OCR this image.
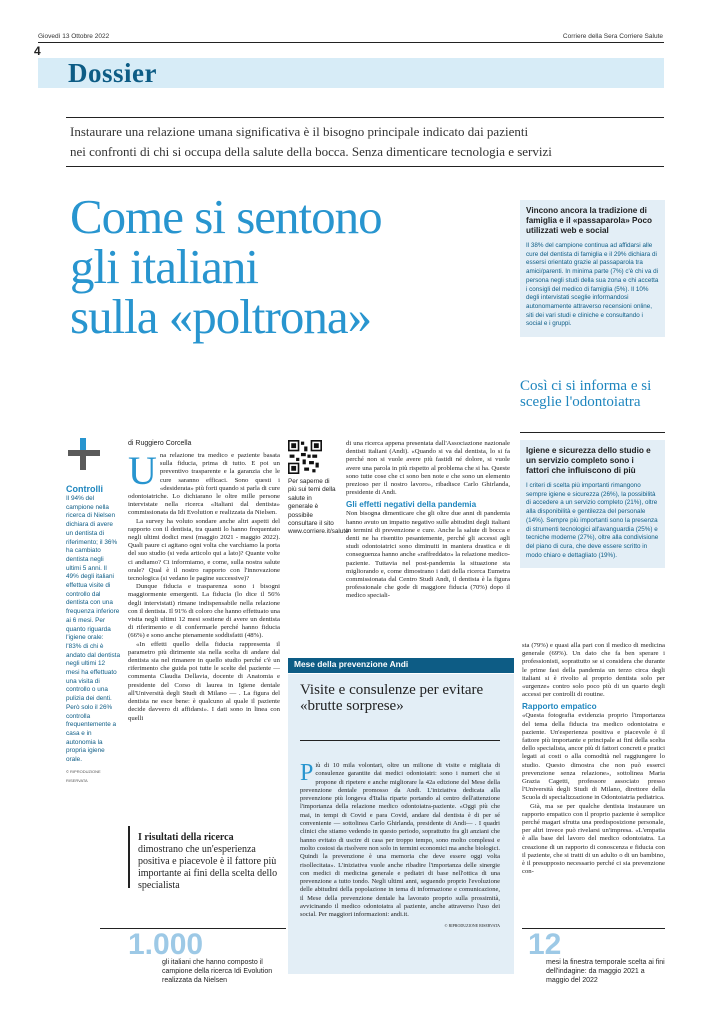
Giovedì 13 Ottobre 2022	Corriere della Sera Corriere Salute
4
Dossier
Instaurare una relazione umana significativa è il bisogno principale indicato dai pazienti
nei confronti di chi si occupa della salute della bocca. Senza dimenticare tecnologia e servizi
Come si sentono
gli italiani
sulla «poltrona»
Vincono ancora la tradizione di famiglia e il «passaparola» Poco utilizzati web e social
Il 38% del campione continua ad affidarsi alle cure del dentista di famiglia e il 29% dichiara di essersi orientato grazie al passaparola tra amici/parenti. In minima parte (7%) c'è chi va di persona negli studi della sua zona e chi accetta i consigli del medico di famiglia (5%). Il 10% degli intervistati sceglie informandosi autonomamente attraverso recensioni online, siti dei vari studi e cliniche e consultando i social e i gruppi.
Così ci si informa e si sceglie l'odontoiatra
Igiene e sicurezza dello studio e un servizio completo sono i fattori che influiscono di più
I criteri di scelta più importanti rimangono sempre igiene e sicurezza (26%), la possibilità di accedere a un servizio completo (21%), oltre alla disponibilità e gentilezza del personale (14%). Sempre più importanti sono la presenza di strumenti tecnologici all'avanguardia (25%) e tecniche moderne (27%), oltre alla condivisione del piano di cura, che deve essere scritto in modo chiaro e dettagliato (19%).
Controlli
Il 94% del campione nella ricerca di Nielsen dichiara di avere un dentista di riferimento; il 36% ha cambiato dentista negli ultimi 5 anni. Il 49% degli italiani effettua visite di controllo dal dentista con una frequenza inferiore ai 6 mesi. Per quanto riguarda l'igiene orale: l'83% di chi è andato dal dentista negli ultimi 12 mesi ha effettuato una visita di controllo o una pulizia dei denti. Però solo il 26% controlla frequentemente a casa e in autonomia la propria igiene orale.
© RIPRODUZIONE RISERVATA
di Ruggiero Corcella
U na relazione tra medico e paziente basata sulla fiducia, prima di tutto. E poi un preventivo trasparente e la garanzia che le cure saranno efficaci. Sono questi i «desiderata» più forti quando si parla di cure odontoiatriche. Lo dichiarano le oltre mille persone intervistate nella ricerca «Italiani dal dentista» commissionata da Idi Evolution e realizzata da Nielsen.
La survey ha voluto sondare anche altri aspetti del rapporto con il dentista, tra quanti lo hanno frequentato negli ultimi dodici mesi (maggio 2021 - maggio 2022). Quali paure ci agitano ogni volta che varchiamo la porta del suo studio (si veda articolo qui a lato)? Quante volte ci andiamo? Ci informiamo, e come, sulla nostra salute orale? Qual è il nostro rapporto con l'innovazione tecnologica (si vedano le pagine successive)?
Dunque fiducia e trasparenza sono i bisogni maggiormente emergenti. La fiducia (lo dice il 56% degli intervistati) rimane indispensabile nella relazione con il dentista. Il 91% di coloro che hanno effettuato una visita negli ultimi 12 mesi sostiene di avere un dentista di riferimento e di confermarle perché hanno fiducia (66%) e sono anche pienamente soddisfatti (48%).
«In effetti quello della fiducia rappresenta il parametro più dirimente sia nella scelta di andare dal dentista sia nel rimanere in quello studio perché c'è un riferimento che guida poi tutte le scelte del paziente — commenta Claudia Dellavia, docente di Anatomia e presidente del Corso di laurea in Igiene dentale all'Università degli Studi di Milano — . La figura del dentista ne esce bene: è qualcuno al quale il paziente decide davvero di affidarsi». I dati sono in linea con quelli
I risultati della ricerca
dimostrano che un'esperienza positiva e piacevole è il fattore più importante ai fini della scelta dello specialista
Per saperne di più sui temi della salute in generale è possibile consultare il sito www.corriere.it/salute
di una ricerca appena presentata dall'Associazione nazionale dentisti italiani (Andi). «Quando si va dal dentista, lo si fa perché non si vuole avere più fastidi né dolore, si vuole avere una parola in più rispetto al problema che si ha. Queste sono tutte cose che ci sono ben note e che sono un elemento prezioso per il nostro lavoro», ribadisce Carlo Ghirlanda, presidente di Andi.
Gli effetti negativi della pandemia
Non bisogna dimenticare che gli oltre due anni di pandemia hanno avuto un impatto negativo sulle abitudini degli italiani in termini di prevenzione e cure. Anche la salute di bocca e denti ne ha risentito pesantemente, perché gli accessi agli studi odontoiatrici sono diminuiti in maniera drastica e di conseguenza hanno anche «raffreddato» la relazione medico-paziente. Tuttavia nel post-pandemia la situazione sta migliorando e, come dimostrano i dati della ricerca Eumetra commissionata dal Centro Studi Andi, il dentista è la figura professionale che gode di maggiore fiducia (70%) dopo il medico speciali-
Mese della prevenzione Andi
Visite e consulenze per evitare «brutte sorprese»
P iù di 10 mila volontari, oltre un milione di visite e migliaia di consulenze garantite dai medici odontoiatri: sono i numeri che si propone di ripetere e anche migliorare la 42a edizione del Mese della prevenzione dentale promosso da Andi. L'iniziativa dedicata alla prevenzione più longeva d'Italia riparte portando al centro dell'attenzione l'importanza della relazione medico odontoiatra-paziente. «Oggi più che mai, in tempi di Covid e para Covid, andare dal dentista è di per sé conveniente — sottolinea Carlo Ghirlanda, presidente di Andi— . I quadri clinici che stiamo vedendo in questo periodo, soprattutto fra gli anziani che hanno evitato di uscire di casa per troppo tempo, sono molto complessi e molto costosi da risolvere non solo in termini economici ma anche biologici. Quindi la prevenzione è una memoria che deve essere oggi volta risollecitata». L'iniziativa vuole anche ribadire l'importanza delle sinergie con medici di medicina generale e pediatri di base nell'ottica di una prevenzione a tutto tondo. Negli ultimi anni, seguendo proprio l'evoluzione delle abitudini della popolazione in tema di informazione e comunicazione, il Mese della prevenzione dentale ha lavorato proprio sulla prossimità, avvicinando il medico odontoiatra al paziente, anche attraverso l'uso dei social. Per maggiori informazioni: andi.it.
© RIPRODUZIONE RISERVATA
sta (79%) e quasi alla pari con il medico di medicina generale (69%). Un dato che fa ben sperare i professionisti, soprattutto se si considera che durante le prime fasi della pandemia un terzo circa degli italiani si è rivolto al proprio dentista solo per «urgenze» contro solo poco più di un quarto degli accessi per controlli di routine.
Rapporto empatico
«Questa fotografia evidenzia proprio l'importanza del tema della fiducia tra medico odontoiatra e paziente. Un'esperienza positiva e piacevole è il fattore più importante e principale ai fini della scelta dello specialista, ancor più di fattori concreti e pratici legati ai costi o alla comodità nel raggiungere lo studio. Questo dimostra che non può esserci prevenzione senza relazione», sottolinea Maria Grazia Cagetti, professore associato presso l'Università degli Studi di Milano, direttore della Scuola di specializzazione in Odontoiatria pediatrica.
Già, ma se per qualche dentista instaurare un rapporto empatico con il proprio paziente è semplice perché magari sfrutta una predisposizione personale, per altri invece può rivelarsi un'impresa. «L'empatia è alla base del lavoro del medico odontoiatra. La creazione di un rapporto di conoscenza e fiducia con il paziente, che si tratti di un adulto o di un bambino, è il presupposto necessario perché ci sia prevenzione con-
1.000
gli italiani che hanno composto il campione della ricerca Idi Evolution realizzata da Nielsen
12
mesi la finestra temporale scelta ai fini dell'indagine: da maggio 2021 a maggio del 2022
